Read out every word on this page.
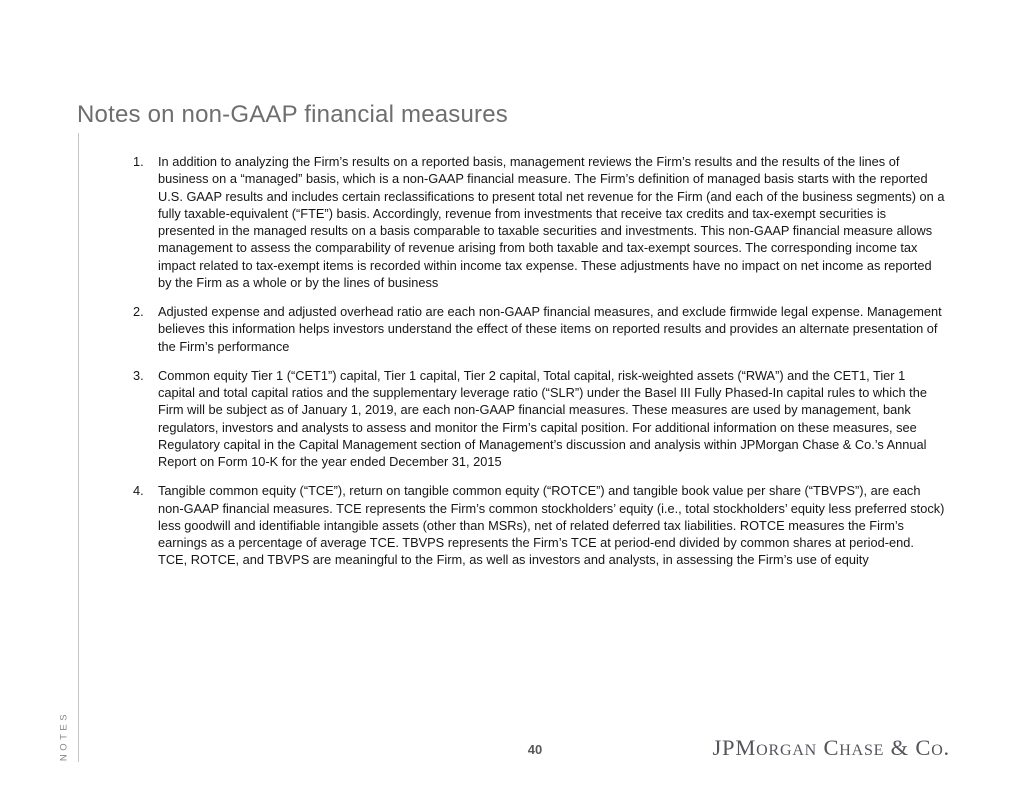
Notes on non-GAAP financial measures
1.	In addition to analyzing the Firm’s results on a reported basis, management reviews the Firm’s results and the results of the lines of business on a “managed” basis, which is a non-GAAP financial measure. The Firm’s definition of managed basis starts with the reported U.S. GAAP results and includes certain reclassifications to present total net revenue for the Firm (and each of the business segments) on a fully taxable-equivalent (“FTE”) basis. Accordingly, revenue from investments that receive tax credits and tax-exempt securities is presented in the managed results on a basis comparable to taxable securities and investments. This non-GAAP financial measure allows management to assess the comparability of revenue arising from both taxable and tax-exempt sources. The corresponding income tax impact related to tax-exempt items is recorded within income tax expense. These adjustments have no impact on net income as reported by the Firm as a whole or by the lines of business
2.	Adjusted expense and adjusted overhead ratio are each non-GAAP financial measures, and exclude firmwide legal expense. Management believes this information helps investors understand the effect of these items on reported results and provides an alternate presentation of the Firm’s performance
3.	Common equity Tier 1 (“CET1”) capital, Tier 1 capital, Tier 2 capital, Total capital, risk-weighted assets (“RWA”) and the CET1, Tier 1 capital and total capital ratios and the supplementary leverage ratio (“SLR”) under the Basel III Fully Phased-In capital rules to which the Firm will be subject as of January 1, 2019, are each non-GAAP financial measures. These measures are used by management, bank regulators, investors and analysts to assess and monitor the Firm’s capital position. For additional information on these measures, see Regulatory capital in the Capital Management section of Management’s discussion and analysis within JPMorgan Chase & Co.’s Annual Report on Form 10-K for the year ended December 31, 2015
4.	Tangible common equity (“TCE”), return on tangible common equity (“ROTCE”) and tangible book value per share (“TBVPS”), are each non-GAAP financial measures. TCE represents the Firm’s common stockholders’ equity (i.e., total stockholders’ equity less preferred stock) less goodwill and identifiable intangible assets (other than MSRs), net of related deferred tax liabilities. ROTCE measures the Firm’s earnings as a percentage of average TCE. TBVPS represents the Firm’s TCE at period-end divided by common shares at period-end. TCE, ROTCE, and TBVPS are meaningful to the Firm, as well as investors and analysts, in assessing the Firm’s use of equity
NOTES	40	JPMorgan Chase & Co.
